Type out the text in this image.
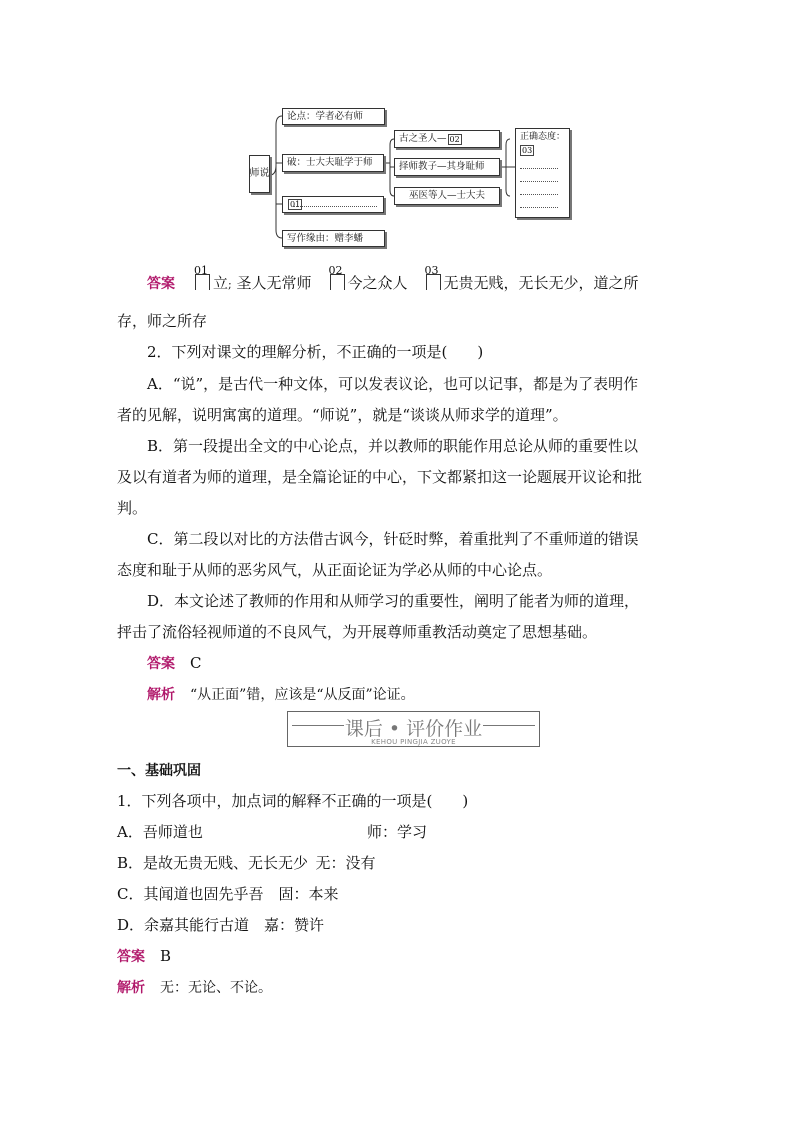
师说
论点：学者必有师
破：士大夫耻学于师
01
写作缘由：赠李蟠
古之圣人— 02
择师教子—其身耻师
巫医等人—士大夫
正确态度：
03
答案
01
立; 圣人无常师
02
今之众人
03
无贵无贱，无长无少，道之所
存，师之所存
2．下列对课文的理解分析，不正确的一项是(　　)
A．“说”，是古代一种文体，可以发表议论，也可以记事，都是为了表明作
者的见解，说明寓寓的道理。“师说”，就是“谈谈从师求学的道理”。
B．第一段提出全文的中心论点，并以教师的职能作用总论从师的重要性以
及以有道者为师的道理，是全篇论证的中心，下文都紧扣这一论题展开议论和批
判。
C．第二段以对比的方法借古讽今，针砭时弊，着重批判了不重师道的错误
态度和耻于从师的恶劣风气，从正面论证为学必从师的中心论点。
D．本文论述了教师的作用和从师学习的重要性，阐明了能者为师的道理，
抨击了流俗轻视师道的不良风气，为开展尊师重教活动奠定了思想基础。
答案  C
解析  “从正面”错，应该是“从反面”论证。
课后 • 评价作业
KEHOU PINGJIA ZUOYE
一、基础巩固
1．下列各项中，加点词的解释不正确的一项是(　　)
A．吾师道也	师：学习
B．是故无贵无贱、无长无少  无：没有
C．其闻道也固先乎吾  固：本来
D．余嘉其能行古道  嘉：赞许
答案  B
解析  无：无论、不论。
